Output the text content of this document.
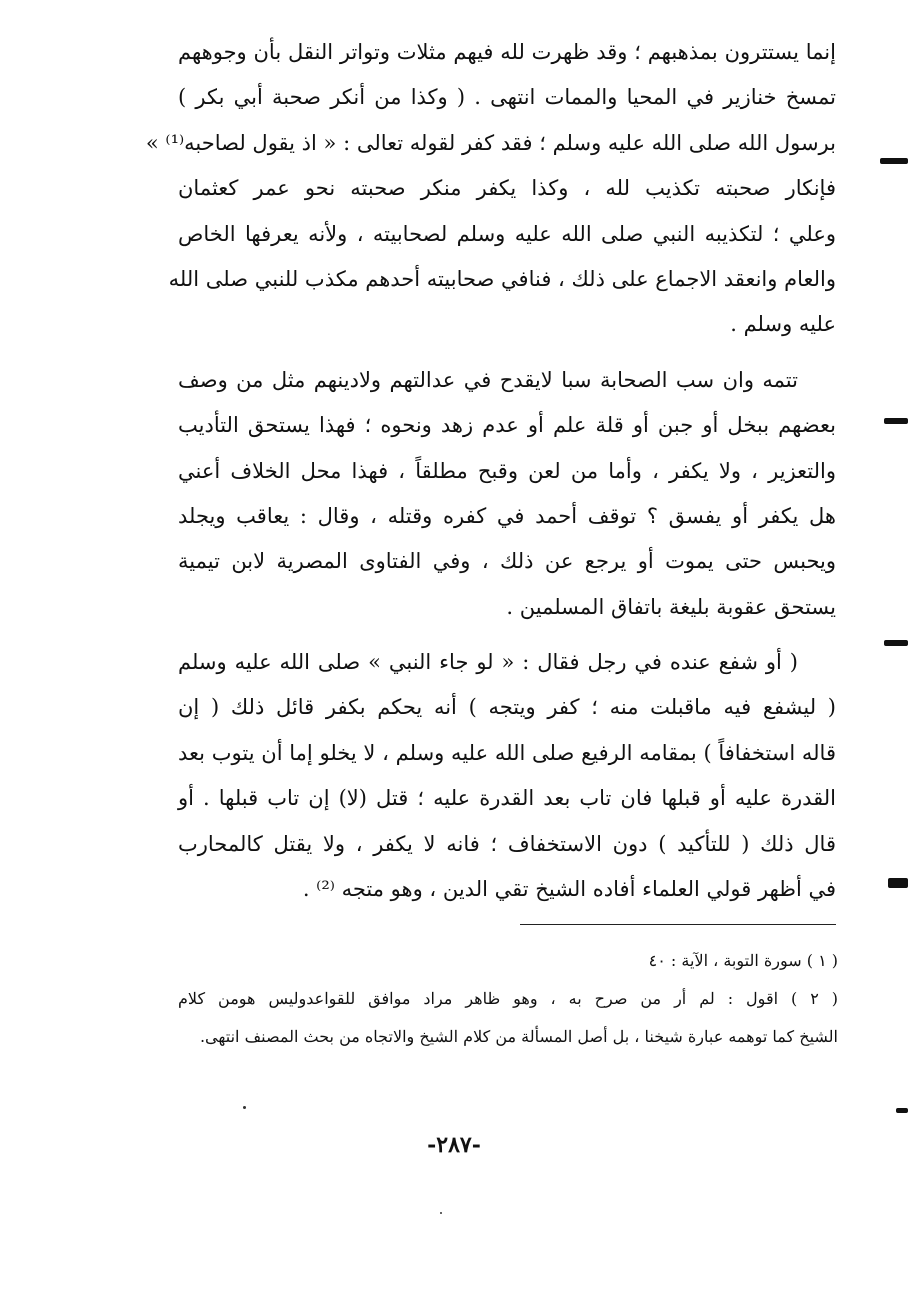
إنما يستترون بمذهبهم ؛ وقد ظهرت لله فيهم مثلات وتواتر النقل بأن وجوههم
تمسخ خنازير في المحيا والممات انتهى . ( وكذا من أنكر صحبة أبي بكر )
برسول الله صلى الله عليه وسلم ؛ فقد كفر لقوله تعالى : « اذ يقول لصاحبه⁽¹⁾ »
فإنكار صحبته تكذيب لله ، وكذا يكفر منكر صحبته نحو عمر كعثمان
وعلي ؛ لتكذيبه النبي صلى الله عليه وسلم لصحابيته ، ولأنه يعرفها الخاص
والعام وانعقد الاجماع على ذلك ، فنافي صحابيته أحدهم مكذب للنبي صلى الله
عليه وسلم .
تتمه وان سب الصحابة سبا لايقدح في عدالتهم ولادينهم مثل من وصف
بعضهم ببخل أو جبن أو قلة علم أو عدم زهد ونحوه ؛ فهذا يستحق التأديب
والتعزير ، ولا يكفر ، وأما من لعن وقبح مطلقاً ، فهذا محل الخلاف أعني
هل يكفر أو يفسق ؟ توقف أحمد في كفره وقتله ، وقال : يعاقب ويجلد
ويحبس حتى يموت أو يرجع عن ذلك ، وفي الفتاوى المصرية لابن تيمية
يستحق عقوبة بليغة باتفاق المسلمين .
( أو شفع عنده في رجل فقال : « لو جاء النبي » صلى الله عليه وسلم
( ليشفع فيه ماقبلت منه ؛ كفر ويتجه ) أنه يحكم بكفر قائل ذلك ( إن
قاله استخفافاً ) بمقامه الرفيع صلى الله عليه وسلم ، لا يخلو إما أن يتوب بعد
القدرة عليه أو قبلها فان تاب بعد القدرة عليه ؛ قتل (لا) إن تاب قبلها . أو
قال ذلك ( للتأكيد ) دون الاستخفاف ؛ فانه لا يكفر ، ولا يقتل كالمحارب
في أظهر قولي العلماء أفاده الشيخ تقي الدين ، وهو متجه ⁽²⁾ .
( ١ ) سورة التوبة ، الآية : ٤٠
( ٢ ) اقول : لم أر من صرح به ، وهو ظاهر مراد موافق للقواعدوليس هومن كلام
الشيخ كما توهمه عبارة شيخنا ، بل أصل المسألة من كلام الشيخ والاتجاه من بحث المصنف انتهى.
-٢٨٧-
